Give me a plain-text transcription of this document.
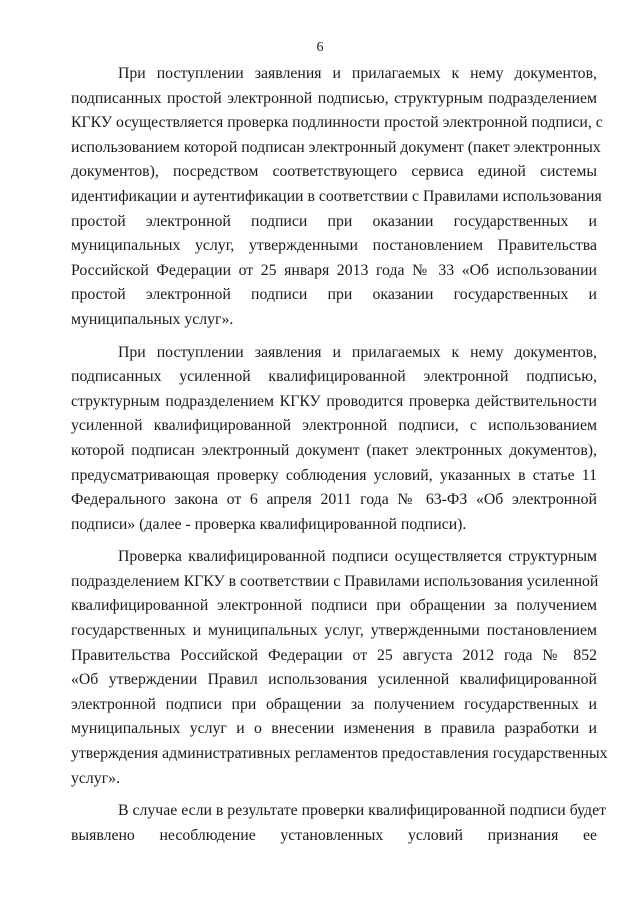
6
При поступлении заявления и прилагаемых к нему документов,
подписанных простой электронной подписью, структурным подразделением
КГКУ осуществляется проверка подлинности простой электронной подписи, с
использованием которой подписан электронный документ (пакет электронных
документов), посредством соответствующего сервиса единой системы
идентификации и аутентификации в соответствии с Правилами использования
простой электронной подписи при оказании государственных и
муниципальных услуг, утвержденными постановлением Правительства
Российской Федерации от 25 января 2013 года № 33 «Об использовании
простой электронной подписи при оказании государственных и
муниципальных услуг».
При поступлении заявления и прилагаемых к нему документов,
подписанных усиленной квалифицированной электронной подписью,
структурным подразделением КГКУ проводится проверка действительности
усиленной квалифицированной электронной подписи, с использованием
которой подписан электронный документ (пакет электронных документов),
предусматривающая проверку соблюдения условий, указанных в статье 11
Федерального закона от 6 апреля 2011 года № 63-ФЗ «Об электронной
подписи» (далее - проверка квалифицированной подписи).
Проверка квалифицированной подписи осуществляется структурным
подразделением КГКУ в соответствии с Правилами использования усиленной
квалифицированной электронной подписи при обращении за получением
государственных и муниципальных услуг, утвержденными постановлением
Правительства Российской Федерации от 25 августа 2012 года № 852
«Об утверждении Правил использования усиленной квалифицированной
электронной подписи при обращении за получением государственных и
муниципальных услуг и о внесении изменения в правила разработки и
утверждения административных регламентов предоставления государственных
услуг».
В случае если в результате проверки квалифицированной подписи будет
выявлено несоблюдение установленных условий признания ее
